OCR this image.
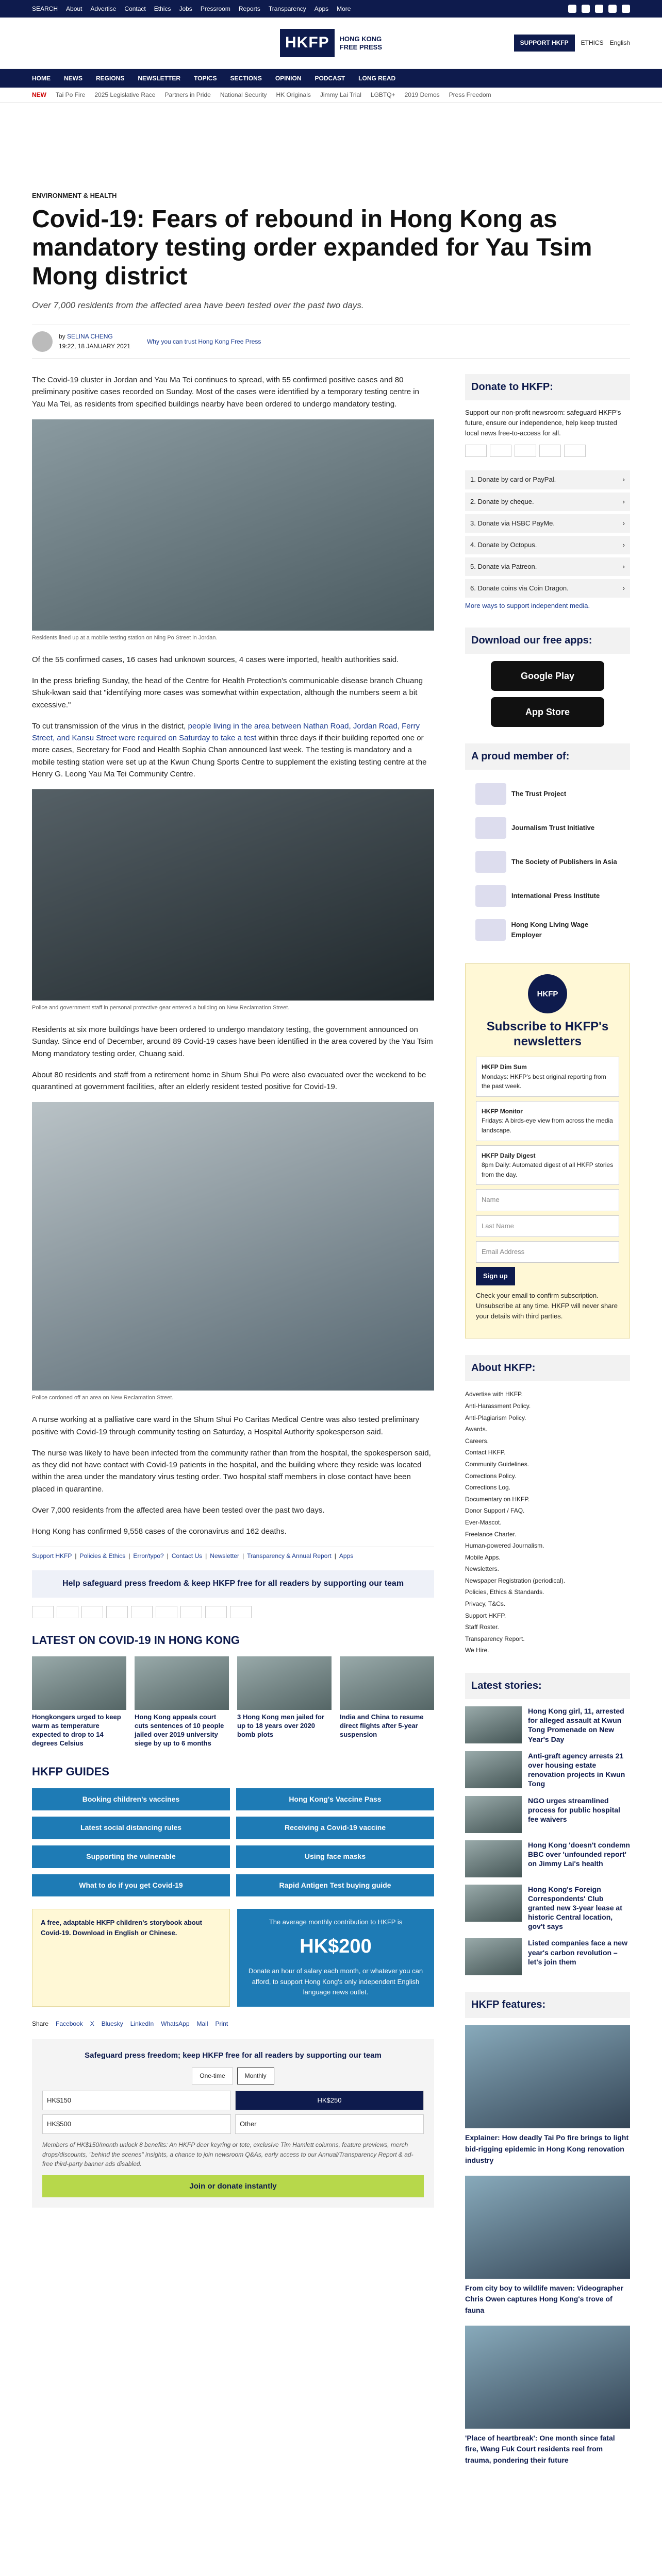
SEARCH About Advertise Contact Ethics Jobs Pressroom Reports Transparency Apps More
HKFP	HONG KONG
FREE PRESS
SUPPORT HKFP	ETHICS English
HOME NEWS REGIONS NEWSLETTER TOPICS SECTIONS OPINION PODCAST LONG READ
NEW Tai Po Fire 2025 Legislative Race Partners in Pride National Security HK Originals Jimmy Lai Trial LGBTQ+ 2019 Demos Press Freedom
ENVIRONMENT & HEALTH
Covid-19: Fears of rebound in Hong Kong as mandatory testing order expanded for Yau Tsim Mong district
Over 7,000 residents from the affected area have been tested over the past two days.
by SELINA CHENG
19:22, 18 JANUARY 2021
Why you can trust Hong Kong Free Press

The Covid-19 cluster in Jordan and Yau Ma Tei continues to spread, with 55 confirmed positive cases and 80 preliminary positive cases recorded on Sunday. Most of the cases were identified by a temporary testing centre in Yau Ma Tei, as residents from specified buildings nearby have been ordered to undergo mandatory testing.

Residents lined up at a mobile testing station on Ning Po Street in Jordan.

Of the 55 confirmed cases, 16 cases had unknown sources, 4 cases were imported, health authorities said.

In the press briefing Sunday, the head of the Centre for Health Protection's communicable disease branch Chuang Shuk-kwan said that "identifying more cases was somewhat within expectation, although the numbers seem a bit excessive."

To cut transmission of the virus in the district, people living in the area between Nathan Road, Jordan Road, Ferry Street, and Kansu Street were required on Saturday to take a test within three days if their building reported one or more cases, Secretary for Food and Health Sophia Chan announced last week. The testing is mandatory and a mobile testing station were set up at the Kwun Chung Sports Centre to supplement the existing testing centre at the Henry G. Leong Yau Ma Tei Community Centre.

Police and government staff in personal protective gear entered a building on New Reclamation Street.

Residents at six more buildings have been ordered to undergo mandatory testing, the government announced on Sunday. Since end of December, around 89 Covid-19 cases have been identified in the area covered by the Yau Tsim Mong mandatory testing order, Chuang said.

About 80 residents and staff from a retirement home in Shum Shui Po were also evacuated over the weekend to be quarantined at government facilities, after an elderly resident tested positive for Covid-19.

Police cordoned off an area on New Reclamation Street.

A nurse working at a palliative care ward in the Shum Shui Po Caritas Medical Centre was also tested preliminary positive with Covid-19 through community testing on Saturday, a Hospital Authority spokesperson said.

The nurse was likely to have been infected from the community rather than from the hospital, the spokesperson said, as they did not have contact with Covid-19 patients in the hospital, and the building where they reside was located within the area under the mandatory virus testing order. Two hospital staff members in close contact have been placed in quarantine.

Over 7,000 residents from the affected area have been tested over the past two days.

Hong Kong has confirmed 9,558 cases of the coronavirus and 162 deaths.

Support HKFP | Policies & Ethics | Error/typo? | Contact Us | Newsletter | Transparency & Annual Report | Apps
Help safeguard press freedom & keep HKFP free for all readers by supporting our team
LATEST ON COVID-19 IN HONG KONG
Hongkongers urged to keep warm as temperature expected to drop to 14 degrees Celsius
Hong Kong appeals court cuts sentences of 10 people jailed over 2019 university siege by up to 6 months
3 Hong Kong men jailed for up to 18 years over 2020 bomb plots
India and China to resume direct flights after 5-year suspension
HKFP GUIDES
Booking children's vaccines	Hong Kong's Vaccine Pass
Latest social distancing rules	Receiving a Covid-19 vaccine
Supporting the vulnerable	Using face masks
What to do if you get Covid-19	Rapid Antigen Test buying guide
A free, adaptable HKFP children's storybook about Covid-19. Download in English or Chinese.
The average monthly contribution to HKFP is
HK$200
Donate an hour of salary each month, or whatever you can afford, to support Hong Kong's only independent English language news outlet.
Share Facebook X Bluesky LinkedIn WhatsApp Mail Print
Safeguard press freedom; keep HKFP free for all readers by supporting our team
One-time	Monthly
HK$150	HK$250
HK$500	Other
Members of HK$150/month unlock 8 benefits: An HKFP deer keyring or tote, exclusive Tim Hamlett columns, feature previews, merch drops/discounts, "behind the scenes" insights, a chance to join newsroom Q&As, early access to our Annual/Transparency Report & ad-free third-party banner ads disabled.
Join or donate instantly
Donate to HKFP:

Support our non-profit newsroom: safeguard HKFP's future, ensure our independence, help keep trusted local news free-to-access for all.

1. Donate by card or PayPal.	›
2. Donate by cheque.	›
3. Donate via HSBC PayMe.	›
4. Donate by Octopus.	›
5. Donate via Patreon.	›
6. Donate coins via Coin Dragon.	›

More ways to support independent media.

Download our free apps:
Google Play
App Store
A proud member of:
The Trust Project
Journalism Trust Initiative
The Society of Publishers in Asia
International Press Institute
Hong Kong Living Wage Employer
HKFP
Subscribe to HKFP's newsletters
HKFP Dim Sum
Mondays: HKFP's best original reporting from the past week.
HKFP Monitor
Fridays: A birds-eye view from across the media landscape.
HKFP Daily Digest
8pm Daily: Automated digest of all HKFP stories from the day.
Name
Last Name
Email Address
Sign up

Check your email to confirm subscription. Unsubscribe at any time. HKFP will never share your details with third parties.

About HKFP:
Advertise with HKFP.
Anti-Harassment Policy.
Anti-Plagiarism Policy.
Awards.
Careers.
Contact HKFP.
Community Guidelines.
Corrections Policy.
Corrections Log.
Documentary on HKFP.
Donor Support / FAQ.
Ever-Mascot.
Freelance Charter.
Human-powered Journalism.
Mobile Apps.
Newsletters.
Newspaper Registration (periodical).
Policies, Ethics & Standards.
Privacy, T&Cs.
Support HKFP.
Staff Roster.
Transparency Report.
We Hire.
Latest stories:
Hong Kong girl, 11, arrested for alleged assault at Kwun Tong Promenade on New Year's Day
Anti-graft agency arrests 21 over housing estate renovation projects in Kwun Tong
NGO urges streamlined process for public hospital fee waivers
Hong Kong 'doesn't condemn BBC over 'unfounded report' on Jimmy Lai's health
Hong Kong's Foreign Correspondents' Club granted new 3-year lease at historic Central location, gov't says
Listed companies face a new year's carbon revolution – let's join them
HKFP features:
Explainer: How deadly Tai Po fire brings to light bid-rigging epidemic in Hong Kong renovation industry
From city boy to wildlife maven: Videographer Chris Owen captures Hong Kong's trove of fauna
'Place of heartbreak': One month since fatal fire, Wang Fuk Court residents reel from trauma, pondering their future
